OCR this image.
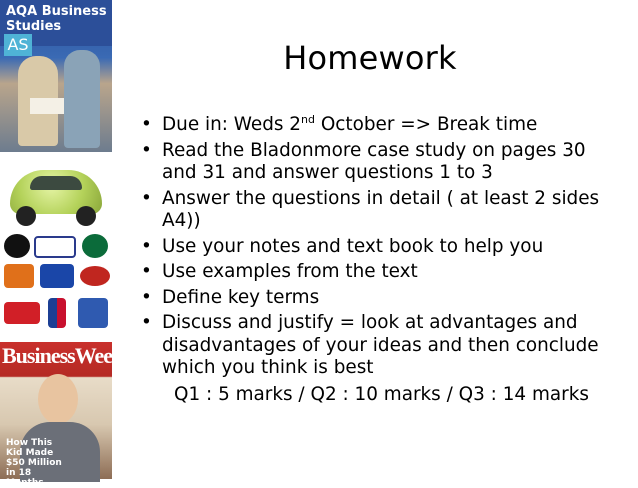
Homework
• Due in: Weds 2nd October => Break time
• Read the Bladonmore case study on pages 30 and 31 and answer questions 1 to 3
• Answer the questions in detail ( at least 2 sides A4))
• Use your notes and text book to help you
• Use examples from the text
• Define key terms
• Discuss and justify = look at advantages and disadvantages of your ideas and then conclude which you think is best
Q1 : 5 marks / Q2 : 10 marks / Q3 : 14 marks
AQA Business Studies
AS
BusinessWeek
How This Kid Made $50 Million in 18 Months
